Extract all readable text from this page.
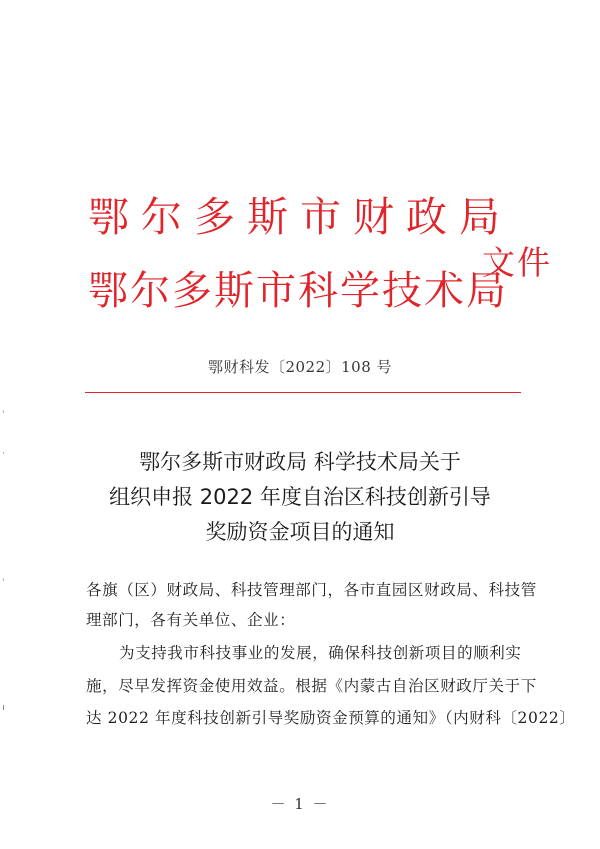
鄂尔多斯市财政局
鄂尔多斯市科学技术局
文件
鄂财科发〔2022〕108 号
鄂尔多斯市财政局 科学技术局关于
组织申报 2022 年度自治区科技创新引导
奖励资金项目的通知
各旗（区）财政局、科技管理部门，各市直园区财政局、科技管
理部门，各有关单位、企业：
为支持我市科技事业的发展，确保科技创新项目的顺利实
施，尽早发挥资金使用效益。根据《内蒙古自治区财政厅关于下
达 2022 年度科技创新引导奖励资金预算的通知》（内财科〔2022〕
－ 1 －
